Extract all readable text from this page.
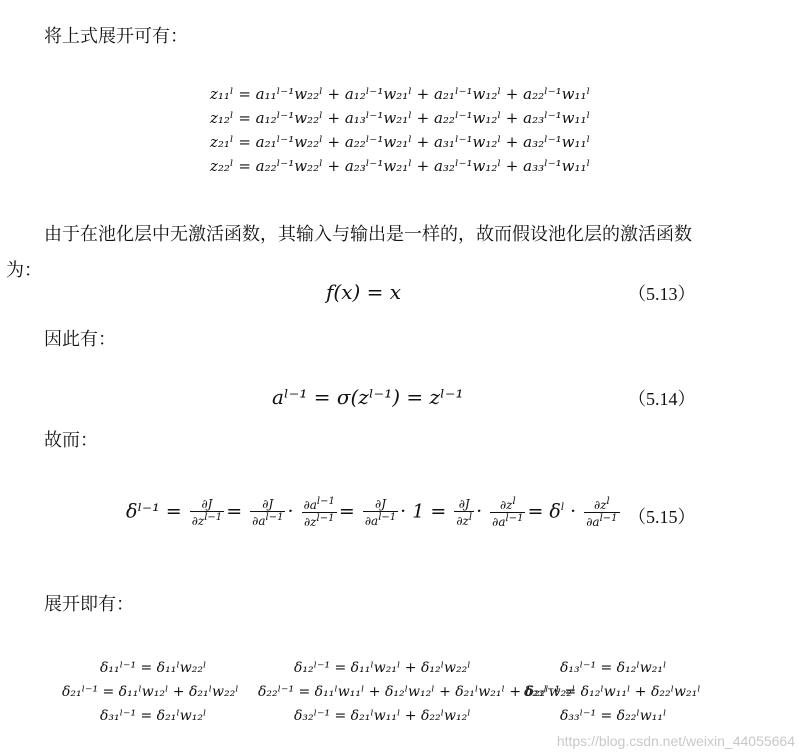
将上式展开可有：
z₁₁ˡ = a₁₁ˡ⁻¹w₂₂ˡ + a₁₂ˡ⁻¹w₂₁ˡ + a₂₁ˡ⁻¹w₁₂ˡ + a₂₂ˡ⁻¹w₁₁ˡ
z₁₂ˡ = a₁₂ˡ⁻¹w₂₂ˡ + a₁₃ˡ⁻¹w₂₁ˡ + a₂₂ˡ⁻¹w₁₂ˡ + a₂₃ˡ⁻¹w₁₁ˡ
z₂₁ˡ = a₂₁ˡ⁻¹w₂₂ˡ + a₂₂ˡ⁻¹w₂₁ˡ + a₃₁ˡ⁻¹w₁₂ˡ + a₃₂ˡ⁻¹w₁₁ˡ
z₂₂ˡ = a₂₂ˡ⁻¹w₂₂ˡ + a₂₃ˡ⁻¹w₂₁ˡ + a₃₂ˡ⁻¹w₁₂ˡ + a₃₃ˡ⁻¹w₁₁ˡ
由于在池化层中无激活函数，其输入与输出是一样的，故而假设池化层的激活函数
为：
f(x) = x	（5.13）
因此有：
aˡ⁻¹ = σ(zˡ⁻¹) = zˡ⁻¹	（5.14）
故而：
δˡ⁻¹ = $\frac{\partial J}{\partial z^{l-1}} = \frac{\partial J}{\partial a^{l-1}} \cdot \frac{\partial a^{l-1}}{\partial z^{l-1}} = \frac{\partial J}{\partial a^{l-1}} \cdot 1 = \frac{\partial J}{\partial z^l} \cdot \frac{\partial z^l}{\partial a^{l-1}} = \delta^l \cdot \frac{\partial z^l}{\partial a^{l-1}} (5.15)$
展开即有：
δ₁₁ˡ⁻¹ = δ₁₁ˡw₂₂ˡ
δ₂₁ˡ⁻¹ = δ₁₁ˡw₁₂ˡ + δ₂₁ˡw₂₂ˡ
δ₃₁ˡ⁻¹ = δ₂₁ˡw₁₂ˡ
δ₁₂ˡ⁻¹ = δ₁₁ˡw₂₁ˡ + δ₁₂ˡw₂₂ˡ
δ₂₂ˡ⁻¹ = δ₁₁ˡw₁₁ˡ + δ₁₂ˡw₁₂ˡ + δ₂₁ˡw₂₁ˡ + δ₂₂ˡw₂₂ˡ
δ₃₂ˡ⁻¹ = δ₂₁ˡw₁₁ˡ + δ₂₂ˡw₁₂ˡ
δ₁₃ˡ⁻¹ = δ₁₂ˡw₂₁ˡ
δ₂₃ˡ⁻¹ = δ₁₂ˡw₁₁ˡ + δ₂₂ˡw₂₁ˡ
δ₃₃ˡ⁻¹ = δ₂₂ˡw₁₁ˡ
https://blog.csdn.net/weixin_44055664
